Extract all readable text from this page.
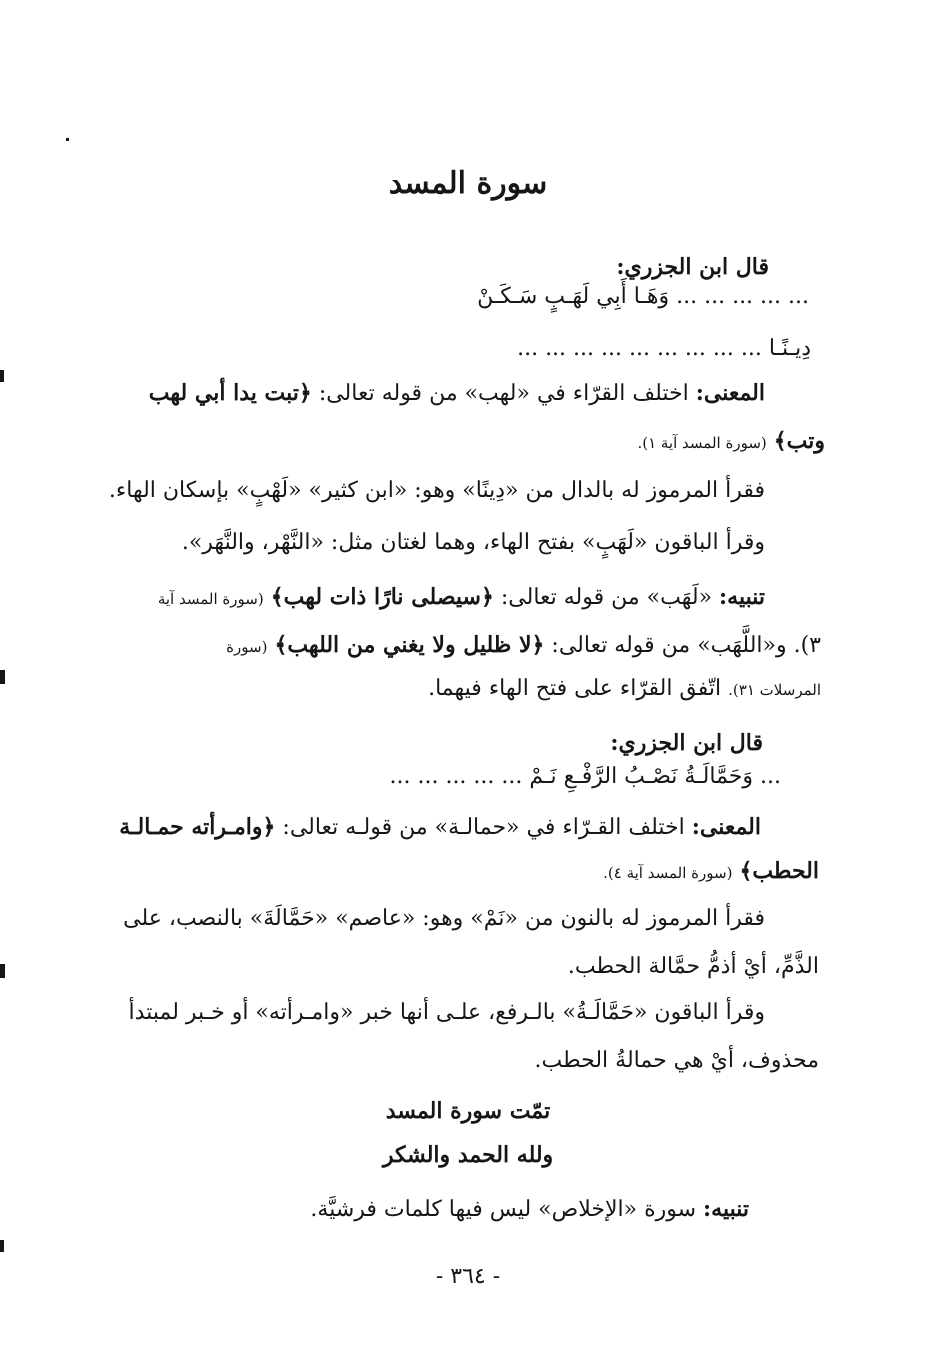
سورة المسد
قال ابن الجزري:
... ... ... ... ... وَهَـا أَبِي لَهَـبٍ سَـكَـنْ
دِيـنًـا ... ... ... ... ... ... ... ... ...
المعنى: اختلف القرّاء في «لهب» من قوله تعالى: ﴿تبت يدا أبي لهب
وتب﴾ (سورة المسد آية ١).
فقرأ المرموز له بالدال من «دِينًا» وهو: «ابن كثير» «لَهْبٍ» بإسكان الهاء.
وقرأ الباقون «لَهَبٍ» بفتح الهاء، وهما لغتان مثل: «النَّهْر، والنَّهَر».
تنبيه: «لَهَب» من قوله تعالى: ﴿سيصلى نارًا ذات لهب﴾ (سورة المسد آية
٣). و«اللَّهَب» من قوله تعالى: ﴿لا ظليل ولا يغني من اللهب﴾ (سورة
المرسلات ٣١). اتّفق القرّاء على فتح الهاء فيهما.
قال ابن الجزري:
... وَحَمَّالَـةُ نَصْـبُ الرَّفْـعِ نَـمْ ... ... ... ... ...
المعنى: اختلف القـرّاء في «حمالـة» من قولـه تعالى: ﴿وامـرأته حمـالـة
الحطب﴾ (سورة المسد آية ٤).
فقرأ المرموز له بالنون من «نَمْ» وهو: «عاصم» «حَمَّالَةَ» بالنصب، على
الذَّمِّ، أيْ أذمُّ حمَّالة الحطب.
وقرأ الباقون «حَمَّالَـةُ» بالـرفع، علـى أنها خبر «وامـرأته» أو خـبر لمبتدأ
محذوف، أيْ هي حمالةُ الحطب.
تمّت سورة المسد
ولله الحمد والشكر
تنبيه: سورة «الإخلاص» ليس فيها كلمات فرشيَّة.
- ٣٦٤ -
